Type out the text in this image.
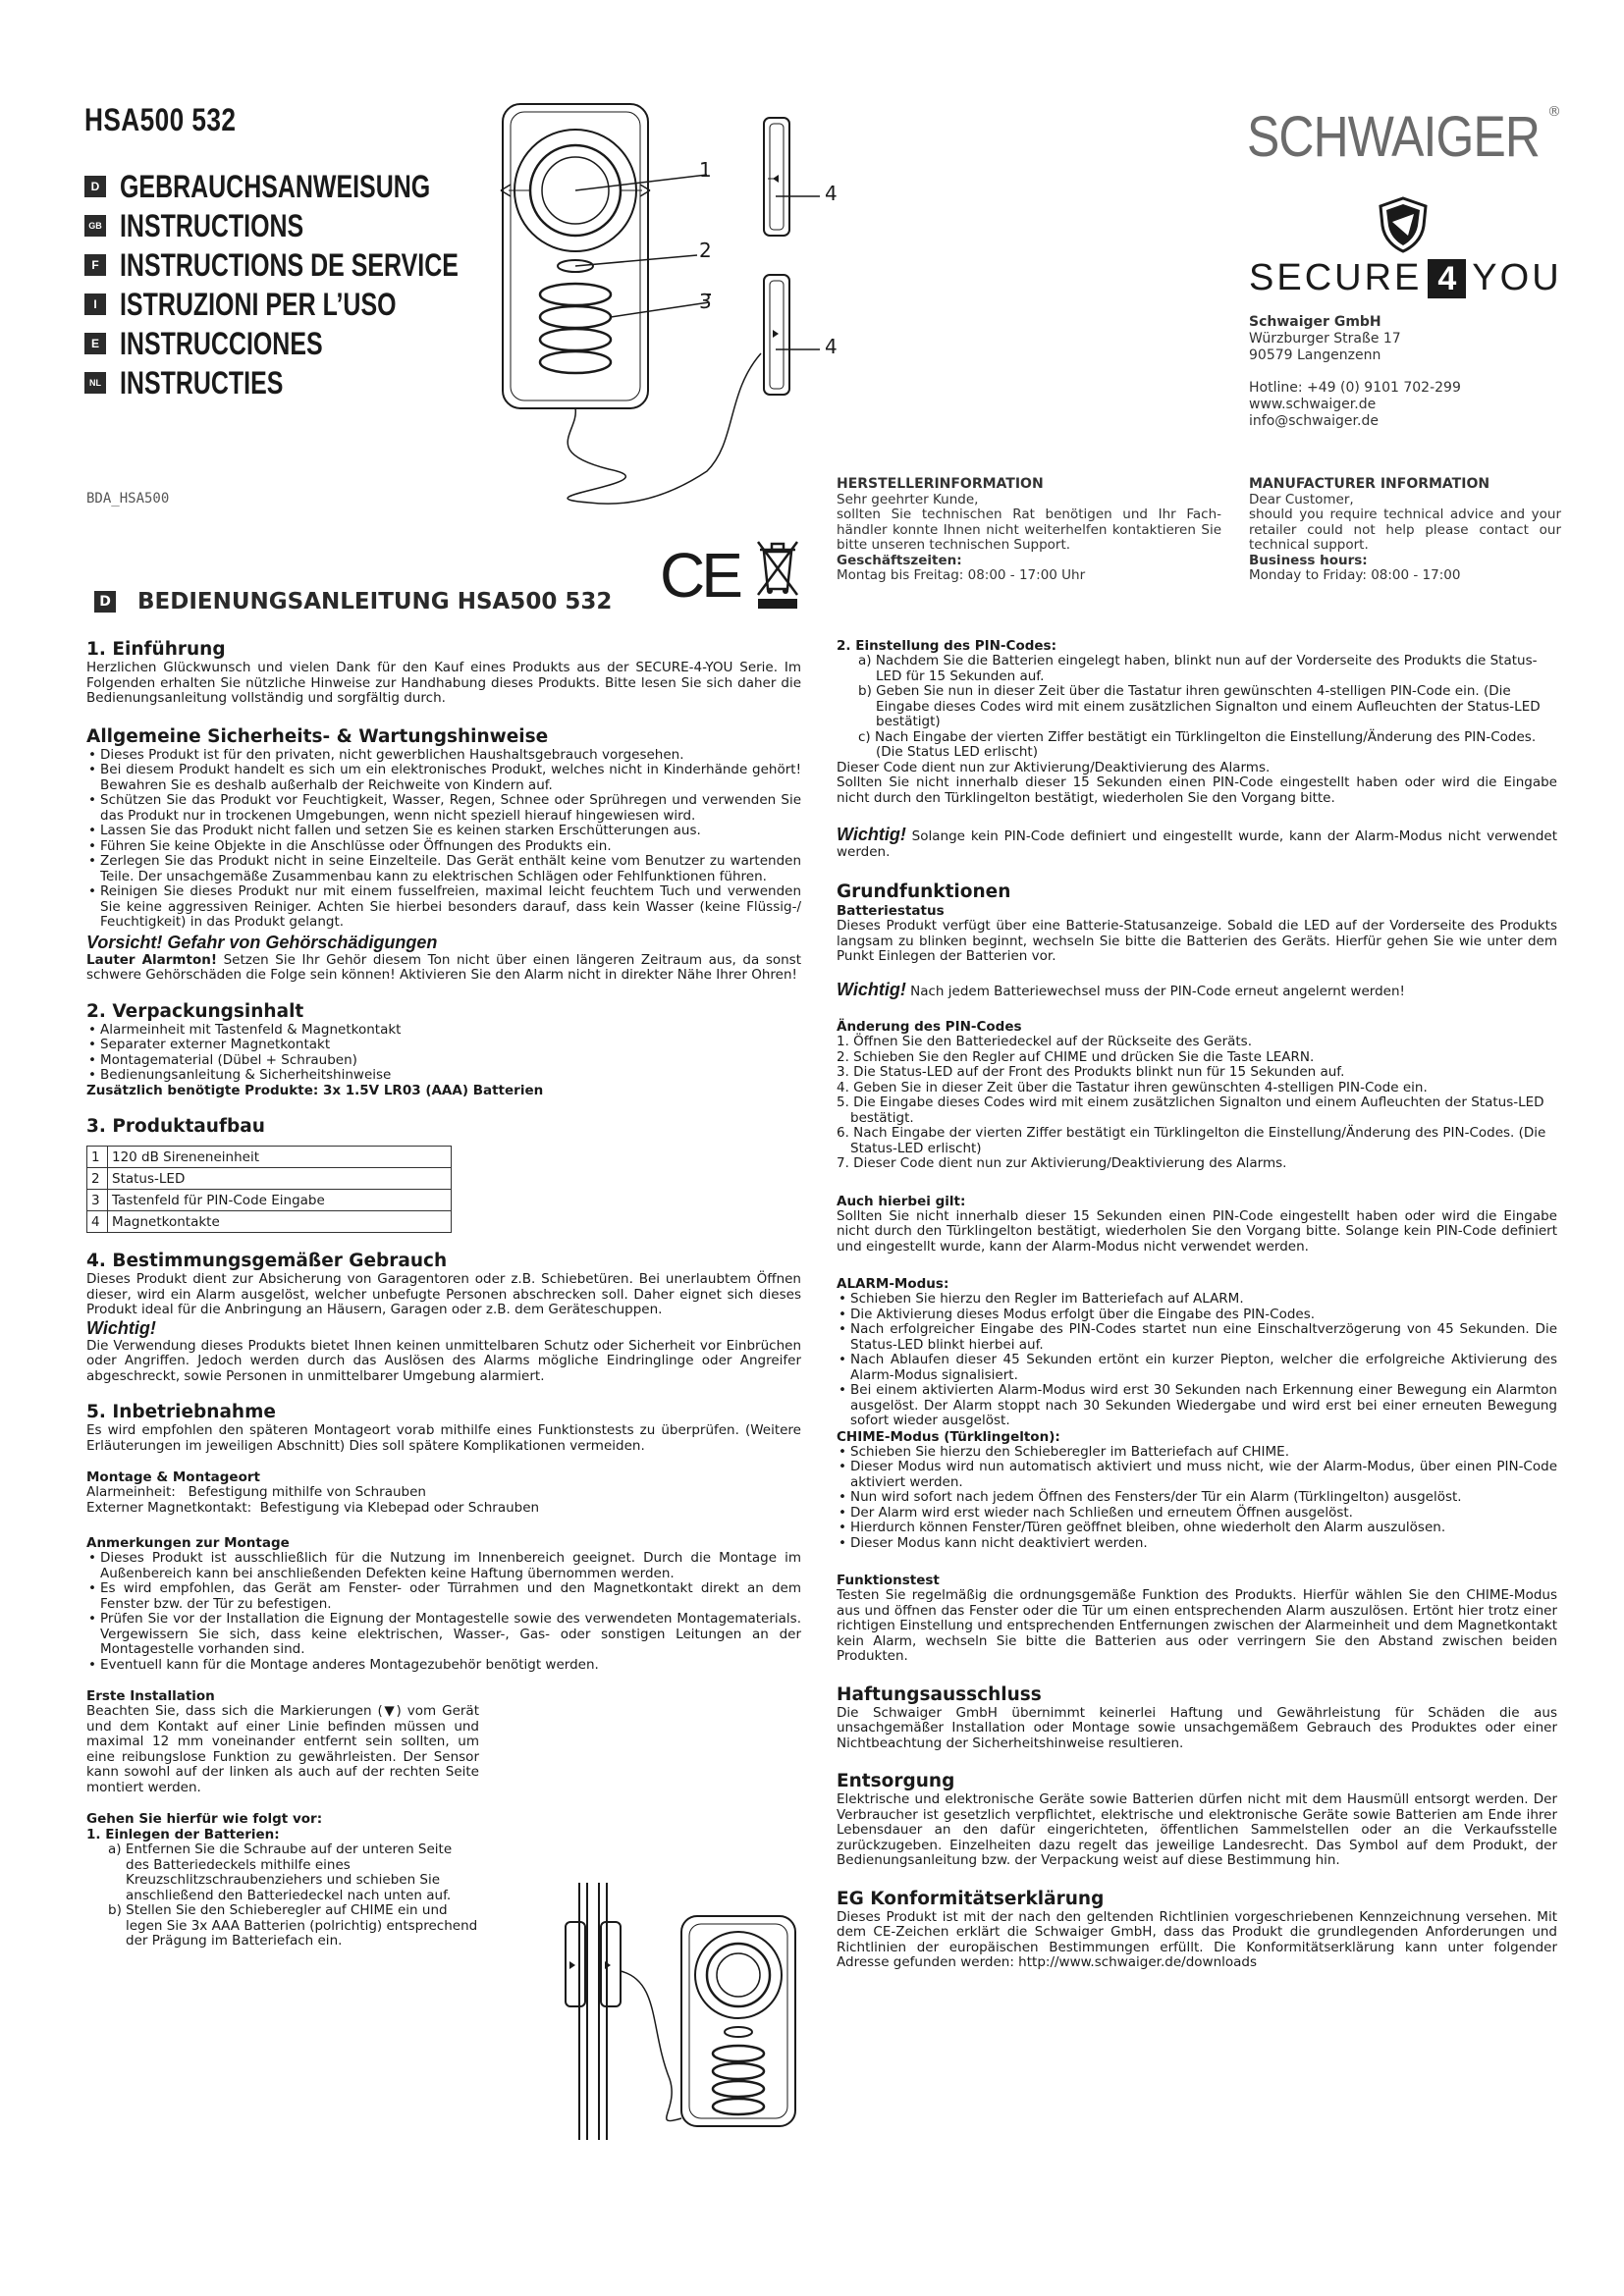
HSA500 532
D GEBRAUCHSANWEISUNG
GB INSTRUCTIONS
F INSTRUCTIONS DE SERVICE
I ISTRUZIONI PER L’USO
E INSTRUCCIONES
NL INSTRUCTIES
BDA_HSA500
1
2
3
4
4
CE
SCHWAIGER ®
SECURE 4 YOU
Schwaiger GmbH
Würzburger Straße 17
90579 Langenzenn
Hotline: +49 (0) 9101 702-299
www.schwaiger.de
info@schwaiger.de
HERSTELLERINFORMATION
Sehr geehrter Kunde,
sollten Sie technischen Rat benötigen und Ihr Fach-händler konnte Ihnen nicht weiterhelfen kontaktieren Sie bitte unseren technischen Support.
Geschäftszeiten:
Montag bis Freitag: 08:00 - 17:00 Uhr
MANUFACTURER INFORMATION
Dear Customer,
should you require technical advice and your retailer could not help please contact our technical support.
Business hours:
Monday to Friday: 08:00 - 17:00
D BEDIENUNGSANLEITUNG HSA500 532
1. Einführung
Herzlichen Glückwunsch und vielen Dank für den Kauf eines Produkts aus der SECURE-4-YOU Serie. Im Folgenden erhalten Sie nützliche Hinweise zur Handhabung dieses Produkts. Bitte lesen Sie sich daher die Bedienungsanleitung vollständig und sorgfältig durch.
Allgemeine Sicherheits- & Wartungshinweise
• Dieses Produkt ist für den privaten, nicht gewerblichen Haushaltsgebrauch vorgesehen.
• Bei diesem Produkt handelt es sich um ein elektronisches Produkt, welches nicht in Kinderhände gehört! Bewahren Sie es deshalb außerhalb der Reichweite von Kindern auf.
• Schützen Sie das Produkt vor Feuchtigkeit, Wasser, Regen, Schnee oder Sprühregen und verwenden Sie das Produkt nur in trockenen Umgebungen, wenn nicht speziell hierauf hingewiesen wird.
• Lassen Sie das Produkt nicht fallen und setzen Sie es keinen starken Erschütterungen aus.
• Führen Sie keine Objekte in die Anschlüsse oder Öffnungen des Produkts ein.
• Zerlegen Sie das Produkt nicht in seine Einzelteile. Das Gerät enthält keine vom Benutzer zu wartenden Teile. Der unsachgemäße Zusammenbau kann zu elektrischen Schlägen oder Fehlfunktionen führen.
• Reinigen Sie dieses Produkt nur mit einem fusselfreien, maximal leicht feuchtem Tuch und verwenden Sie keine aggressiven Reiniger. Achten Sie hierbei besonders darauf, dass kein Wasser (keine Flüssig-/ Feuchtigkeit) in das Produkt gelangt.
Vorsicht! Gefahr von Gehörschädigungen
Lauter Alarmton! Setzen Sie Ihr Gehör diesem Ton nicht über einen längeren Zeitraum aus, da sonst schwere Gehörschäden die Folge sein können! Aktivieren Sie den Alarm nicht in direkter Nähe Ihrer Ohren!
2. Verpackungsinhalt
• Alarmeinheit mit Tastenfeld & Magnetkontakt
• Separater externer Magnetkontakt
• Montagematerial (Dübel + Schrauben)
• Bedienungsanleitung & Sicherheitshinweise
Zusätzlich benötigte Produkte: 3x 1.5V LR03 (AAA) Batterien
3. Produktaufbau
1	120 dB Sireneneinheit
2	Status-LED
3	Tastenfeld für PIN-Code Eingabe
4	Magnetkontakte
4. Bestimmungsgemäßer Gebrauch
Dieses Produkt dient zur Absicherung von Garagentoren oder z.B. Schiebetüren. Bei unerlaubtem Öffnen dieser, wird ein Alarm ausgelöst, welcher unbefugte Personen abschrecken soll. Daher eignet sich dieses Produkt ideal für die Anbringung an Häusern, Garagen oder z.B. dem Geräteschuppen.
Wichtig!
Die Verwendung dieses Produkts bietet Ihnen keinen unmittelbaren Schutz oder Sicherheit vor Einbrüchen oder Angriffen. Jedoch werden durch das Auslösen des Alarms mögliche Eindringlinge oder Angreifer abgeschreckt, sowie Personen in unmittelbarer Umgebung alarmiert.
5. Inbetriebnahme
Es wird empfohlen den späteren Montageort vorab mithilfe eines Funktionstests zu überprüfen. (Weitere Erläuterungen im jeweiligen Abschnitt) Dies soll spätere Komplikationen vermeiden.
Montage & Montageort
Alarmeinheit:   Befestigung mithilfe von Schrauben
Externer Magnetkontakt:  Befestigung via Klebepad oder Schrauben
Anmerkungen zur Montage
• Dieses Produkt ist ausschließlich für die Nutzung im Innenbereich geeignet. Durch die Montage im Außenbereich kann bei anschließenden Defekten keine Haftung übernommen werden.
• Es wird empfohlen, das Gerät am Fenster- oder Türrahmen und den Magnetkontakt direkt an dem Fenster bzw. der Tür zu befestigen.
• Prüfen Sie vor der Installation die Eignung der Montagestelle sowie des verwendeten Montagematerials. Vergewissern Sie sich, dass keine elektrischen, Wasser-, Gas- oder sonstigen Leitungen an der Montagestelle vorhanden sind.
• Eventuell kann für die Montage anderes Montagezubehör benötigt werden.
Erste Installation
Beachten Sie, dass sich die Markierungen (▼) vom Gerät und dem Kontakt auf einer Linie befinden müssen und maximal 12 mm voneinander entfernt sein sollten, um eine reibungslose Funktion zu gewährleisten. Der Sensor kann sowohl auf der linken als auch auf der rechten Seite montiert werden.
Gehen Sie hierfür wie folgt vor:
1. Einlegen der Batterien:
a) Entfernen Sie die Schraube auf der unteren Seite des Batteriedeckels mithilfe eines Kreuzschlitzschraubenziehers und schieben Sie anschließend den Batteriedeckel nach unten auf.
b) Stellen Sie den Schieberegler auf CHIME ein und legen Sie 3x AAA Batterien (polrichtig) entsprechend der Prägung im Batteriefach ein.
2. Einstellung des PIN-Codes:
a) Nachdem Sie die Batterien eingelegt haben, blinkt nun auf der Vorderseite des Produkts die Status-LED für 15 Sekunden auf.
b) Geben Sie nun in dieser Zeit über die Tastatur ihren gewünschten 4-stelligen PIN-Code ein. (Die Eingabe dieses Codes wird mit einem zusätzlichen Signalton und einem Aufleuchten der Status-LED bestätigt)
c) Nach Eingabe der vierten Ziffer bestätigt ein Türklingelton die Einstellung/Änderung des PIN-Codes. (Die Status LED erlischt)
Dieser Code dient nun zur Aktivierung/Deaktivierung des Alarms.
Sollten Sie nicht innerhalb dieser 15 Sekunden einen PIN-Code eingestellt haben oder wird die Eingabe nicht durch den Türklingelton bestätigt, wiederholen Sie den Vorgang bitte.
Wichtig! Solange kein PIN-Code definiert und eingestellt wurde, kann der Alarm-Modus nicht verwendet werden.
Grundfunktionen
Batteriestatus
Dieses Produkt verfügt über eine Batterie-Statusanzeige. Sobald die LED auf der Vorderseite des Produkts langsam zu blinken beginnt, wechseln Sie bitte die Batterien des Geräts. Hierfür gehen Sie wie unter dem Punkt Einlegen der Batterien vor.
Wichtig! Nach jedem Batteriewechsel muss der PIN-Code erneut angelernt werden!
Änderung des PIN-Codes
1. Öffnen Sie den Batteriedeckel auf der Rückseite des Geräts.
2. Schieben Sie den Regler auf CHIME und drücken Sie die Taste LEARN.
3. Die Status-LED auf der Front des Produkts blinkt nun für 15 Sekunden auf.
4. Geben Sie in dieser Zeit über die Tastatur ihren gewünschten 4-stelligen PIN-Code ein.
5. Die Eingabe dieses Codes wird mit einem zusätzlichen Signalton und einem Aufleuchten der Status-LED bestätigt.
6. Nach Eingabe der vierten Ziffer bestätigt ein Türklingelton die Einstellung/Änderung des PIN-Codes. (Die Status-LED erlischt)
7. Dieser Code dient nun zur Aktivierung/Deaktivierung des Alarms.
Auch hierbei gilt:
Sollten Sie nicht innerhalb dieser 15 Sekunden einen PIN-Code eingestellt haben oder wird die Eingabe nicht durch den Türklingelton bestätigt, wiederholen Sie den Vorgang bitte. Solange kein PIN-Code definiert und eingestellt wurde, kann der Alarm-Modus nicht verwendet werden.
ALARM-Modus:
• Schieben Sie hierzu den Regler im Batteriefach auf ALARM.
• Die Aktivierung dieses Modus erfolgt über die Eingabe des PIN-Codes.
• Nach erfolgreicher Eingabe des PIN-Codes startet nun eine Einschaltverzögerung von 45 Sekunden. Die Status-LED blinkt hierbei auf.
• Nach Ablaufen dieser 45 Sekunden ertönt ein kurzer Piepton, welcher die erfolgreiche Aktivierung des Alarm-Modus signalisiert.
• Bei einem aktivierten Alarm-Modus wird erst 30 Sekunden nach Erkennung einer Bewegung ein Alarmton ausgelöst. Der Alarm stoppt nach 30 Sekunden Wiedergabe und wird erst bei einer erneuten Bewegung sofort wieder ausgelöst.
CHIME-Modus (Türklingelton):
• Schieben Sie hierzu den Schieberegler im Batteriefach auf CHIME.
• Dieser Modus wird nun automatisch aktiviert und muss nicht, wie der Alarm-Modus, über einen PIN-Code aktiviert werden.
• Nun wird sofort nach jedem Öffnen des Fensters/der Tür ein Alarm (Türklingelton) ausgelöst.
• Der Alarm wird erst wieder nach Schließen und erneutem Öffnen ausgelöst.
• Hierdurch können Fenster/Türen geöffnet bleiben, ohne wiederholt den Alarm auszulösen.
• Dieser Modus kann nicht deaktiviert werden.
Funktionstest
Testen Sie regelmäßig die ordnungsgemäße Funktion des Produkts. Hierfür wählen Sie den CHIME-Modus aus und öffnen das Fenster oder die Tür um einen entsprechenden Alarm auszulösen. Ertönt hier trotz einer richtigen Einstellung und entsprechenden Entfernungen zwischen der Alarmeinheit und dem Magnetkontakt kein Alarm, wechseln Sie bitte die Batterien aus oder verringern Sie den Abstand zwischen beiden Produkten.
Haftungsausschluss
Die Schwaiger GmbH übernimmt keinerlei Haftung und Gewährleistung für Schäden die aus unsachgemäßer Installation oder Montage sowie unsachgemäßem Gebrauch des Produktes oder einer Nichtbeachtung der Sicherheitshinweise resultieren.
Entsorgung
Elektrische und elektronische Geräte sowie Batterien dürfen nicht mit dem Hausmüll entsorgt werden. Der Verbraucher ist gesetzlich verpflichtet, elektrische und elektronische Geräte sowie Batterien am Ende ihrer Lebensdauer an den dafür eingerichteten, öffentlichen Sammelstellen oder an die Verkaufsstelle zurückzugeben. Einzelheiten dazu regelt das jeweilige Landesrecht. Das Symbol auf dem Produkt, der Bedienungsanleitung bzw. der Verpackung weist auf diese Bestimmung hin.
EG Konformitätserklärung
Dieses Produkt ist mit der nach den geltenden Richtlinien vorgeschriebenen Kennzeichnung versehen. Mit dem CE-Zeichen erklärt die Schwaiger GmbH, dass das Produkt die grundlegenden Anforderungen und Richtlinien der europäischen Bestimmungen erfüllt. Die Konformitätserklärung kann unter folgender Adresse gefunden werden: http://www.schwaiger.de/downloads
